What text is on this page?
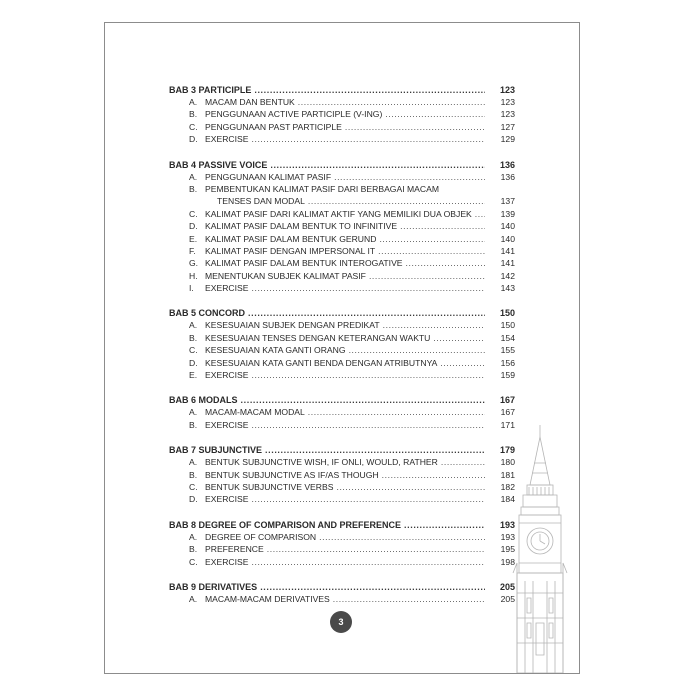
BAB 3 PARTICIPLE .....	123
A. MACAM DAN BENTUK .....	123
B. PENGGUNAAN ACTIVE PARTICIPLE (V-ING) .....	123
C. PENGGUNAAN PAST PARTICIPLE .....	127
D. EXERCISE .....	129
BAB 4 PASSIVE VOICE .....	136
A. PENGGUNAAN KALIMAT PASIF .....	136
B. PEMBENTUKAN KALIMAT PASIF DARI BERBAGAI MACAM
TENSES DAN MODAL .....	137
C. KALIMAT PASIF DARI KALIMAT AKTIF YANG MEMILIKI DUA OBJEK .....	139
D. KALIMAT PASIF DALAM BENTUK TO INFINITIVE .....	140
E. KALIMAT PASIF DALAM BENTUK GERUND .....	140
F.	KALIMAT PASIF DENGAN IMPERSONAL IT .....	141
G. KALIMAT PASIF DALAM BENTUK INTEROGATIVE .....	141
H. MENENTUKAN SUBJEK KALIMAT PASIF .....	142
I.	EXERCISE .....	143
BAB 5 CONCORD .....	150
A. KESESUAIAN SUBJEK DENGAN PREDIKAT .....	150
B. KESESUAIAN TENSES DENGAN KETERANGAN WAKTU .....	154
C. KESESUAIAN KATA GANTI ORANG .....	155
D. KESESUAIAN KATA GANTI BENDA DENGAN ATRIBUTNYA .....	156
E. EXERCISE .....	159
BAB 6 MODALS .....	167
A. MACAM-MACAM MODAL .....	167
B. EXERCISE .....	171
BAB 7 SUBJUNCTIVE .....	179
A. BENTUK SUBJUNCTIVE WISH, IF ONLI, WOULD, RATHER .....	180
B. BENTUK SUBJUNCTIVE AS IF/AS THOUGH .....	181
C. BENTUK SUBJUNCTIVE VERBS .....	182
D. EXERCISE .....	184
BAB 8 DEGREE OF COMPARISON AND PREFERENCE .....	193
A. DEGREE OF COMPARISON .....	193
B. PREFERENCE .....	195
C. EXERCISE .....	198
BAB 9 DERIVATIVES .....	205
A. MACAM-MACAM DERIVATIVES .....	205
3
